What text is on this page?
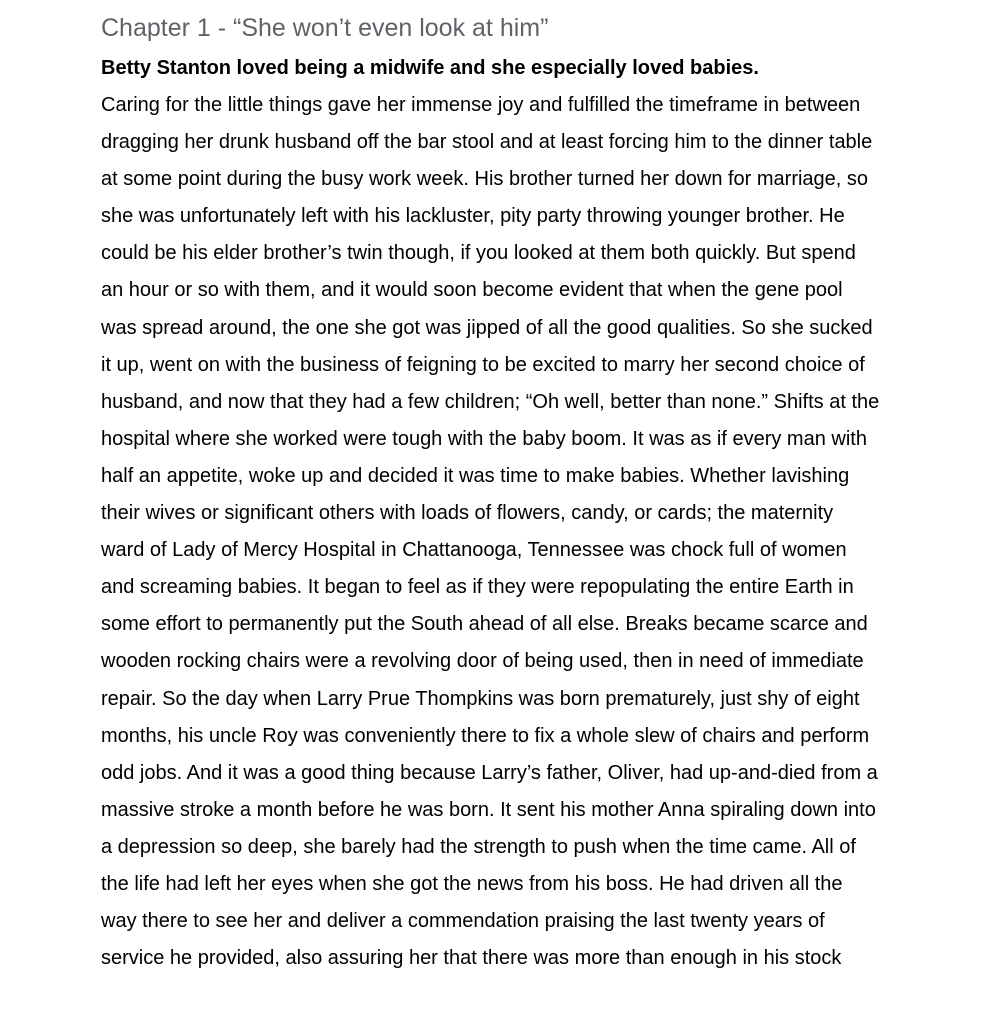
Chapter 1 - “She won’t even look at him”

Betty Stanton loved being a midwife and she especially loved babies.

Caring for the little things gave her immense joy and fulfilled the timeframe in between
dragging her drunk husband off the bar stool and at least forcing him to the dinner table
at some point during the busy work week. His brother turned her down for marriage, so
she was unfortunately left with his lackluster, pity party throwing younger brother. He
could be his elder brother’s twin though, if you looked at them both quickly. But spend
an hour or so with them, and it would soon become evident that when the gene pool
was spread around, the one she got was jipped of all the good qualities. So she sucked
it up, went on with the business of feigning to be excited to marry her second choice of
husband, and now that they had a few children; “Oh well, better than none.” Shifts at the
hospital where she worked were tough with the baby boom. It was as if every man with
half an appetite, woke up and decided it was time to make babies. Whether lavishing
their wives or significant others with loads of flowers, candy, or cards; the maternity
ward of Lady of Mercy Hospital in Chattanooga, Tennessee was chock full of women
and screaming babies. It began to feel as if they were repopulating the entire Earth in
some effort to permanently put the South ahead of all else. Breaks became scarce and
wooden rocking chairs were a revolving door of being used, then in need of immediate
repair. So the day when Larry Prue Thompkins was born prematurely, just shy of eight
months, his uncle Roy was conveniently there to fix a whole slew of chairs and perform
odd jobs. And it was a good thing because Larry’s father, Oliver, had up-and-died from a
massive stroke a month before he was born. It sent his mother Anna spiraling down into
a depression so deep, she barely had the strength to push when the time came. All of
the life had left her eyes when she got the news from his boss. He had driven all the
way there to see her and deliver a commendation praising the last twenty years of
service he provided, also assuring her that there was more than enough in his stock
